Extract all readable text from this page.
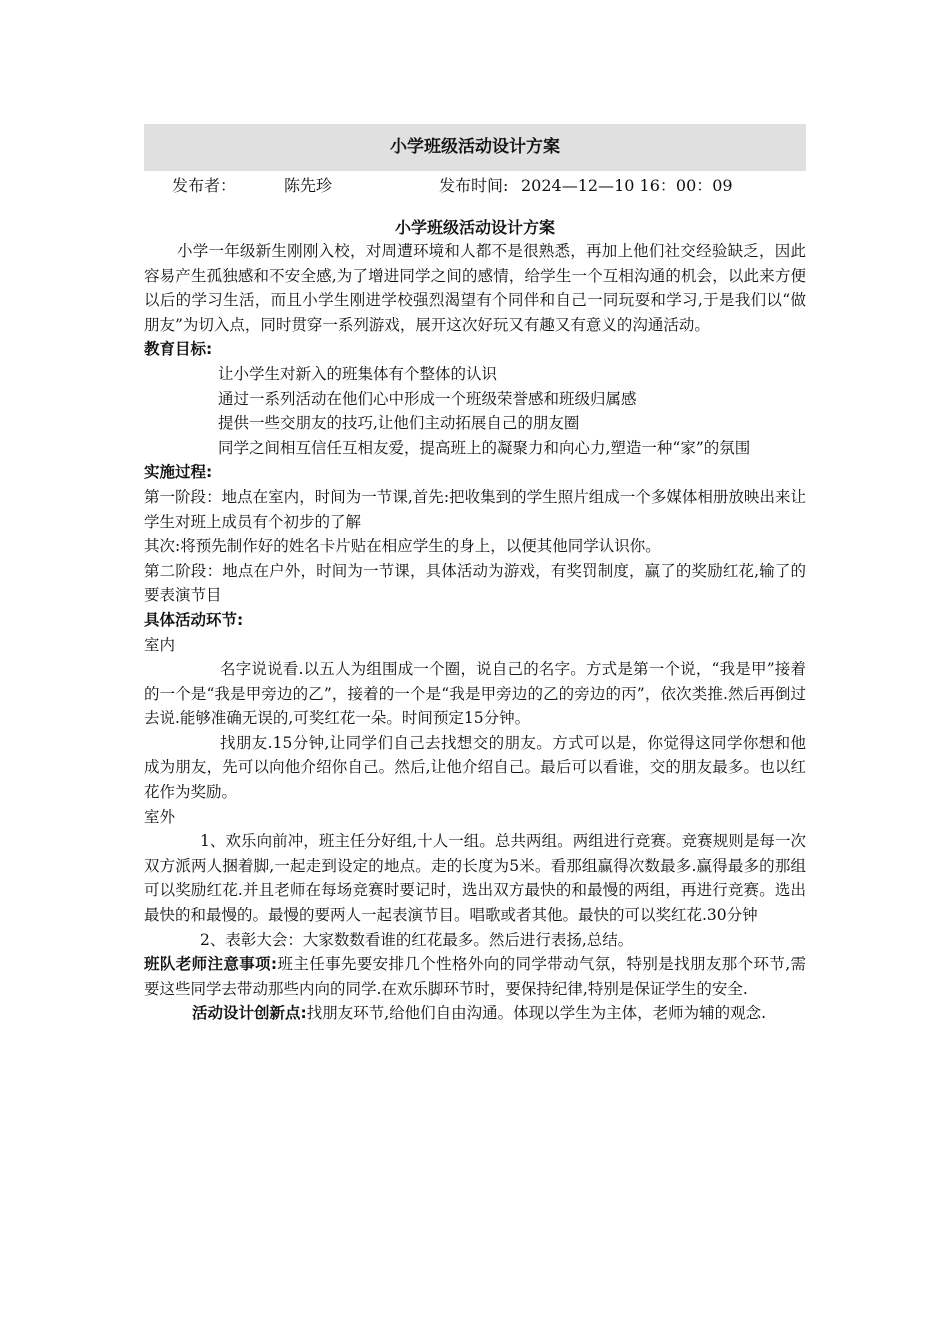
小学班级活动设计方案
发布者：	陈先珍	发布时间: 2024—12—10 16：00：09
小学班级活动设计方案

小学一年级新生刚刚入校，对周遭环境和人都不是很熟悉，再加上他们社交经验缺乏，因此容易产生孤独感和不安全感,为了增进同学之间的感情，给学生一个互相沟通的机会，以此来方便以后的学习生活，而且小学生刚进学校强烈渴望有个同伴和自己一同玩耍和学习,于是我们以“做朋友”为切入点，同时贯穿一系列游戏，展开这次好玩又有趣又有意义的沟通活动。

教育目标:
让小学生对新入的班集体有个整体的认识
通过一系列活动在他们心中形成一个班级荣誉感和班级归属感
提供一些交朋友的技巧,让他们主动拓展自己的朋友圈
同学之间相互信任互相友爱，提高班上的凝聚力和向心力,塑造一种“家”的氛围
实施过程:

第一阶段：地点在室内，时间为一节课,首先:把收集到的学生照片组成一个多媒体相册放映出来让学生对班上成员有个初步的了解

其次:将预先制作好的姓名卡片贴在相应学生的身上，以便其他同学认识你。

第二阶段：地点在户外，时间为一节课，具体活动为游戏，有奖罚制度，赢了的奖励红花,输了的要表演节目

具体活动环节:
室内

名字说说看.以五人为组围成一个圈，说自己的名字。方式是第一个说，“我是甲”接着的一个是“我是甲旁边的乙”，接着的一个是“我是甲旁边的乙的旁边的丙”，依次类推.然后再倒过去说.能够准确无误的,可奖红花一朵。时间预定15分钟。

找朋友.15分钟,让同学们自己去找想交的朋友。方式可以是，你觉得这同学你想和他成为朋友，先可以向他介绍你自己。然后,让他介绍自己。最后可以看谁，交的朋友最多。也以红花作为奖励。

室外

1、欢乐向前冲，班主任分好组,十人一组。总共两组。两组进行竞赛。竞赛规则是每一次双方派两人捆着脚,一起走到设定的地点。走的长度为5米。看那组赢得次数最多.赢得最多的那组可以奖励红花.并且老师在每场竞赛时要记时，选出双方最快的和最慢的两组，再进行竞赛。选出最快的和最慢的。最慢的要两人一起表演节目。唱歌或者其他。最快的可以奖红花.30分钟

2、表彰大会：大家数数看谁的红花最多。然后进行表扬,总结。

班队老师注意事项:班主任事先要安排几个性格外向的同学带动气氛，特别是找朋友那个环节,需要这些同学去带动那些内向的同学.在欢乐脚环节时，要保持纪律,特别是保证学生的安全.

活动设计创新点:找朋友环节,给他们自由沟通。体现以学生为主体，老师为辅的观念.
